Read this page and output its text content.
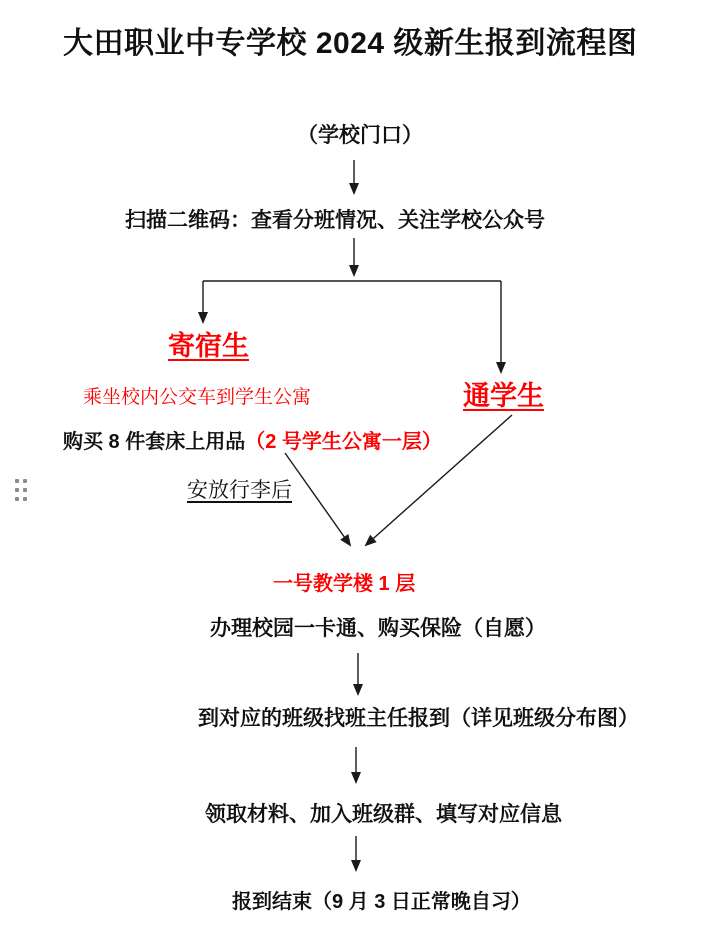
大田职业中专学校 2024 级新生报到流程图
（学校门口）
扫描二维码：查看分班情况、关注学校公众号
寄宿生
通学生
乘坐校内公交车到学生公寓
购买 8 件套床上用品（2 号学生公寓一层）
安放行李后
一号教学楼 1 层
办理校园一卡通、购买保险（自愿）
到对应的班级找班主任报到（详见班级分布图）
领取材料、加入班级群、填写对应信息
报到结束（9 月 3 日正常晚自习）
